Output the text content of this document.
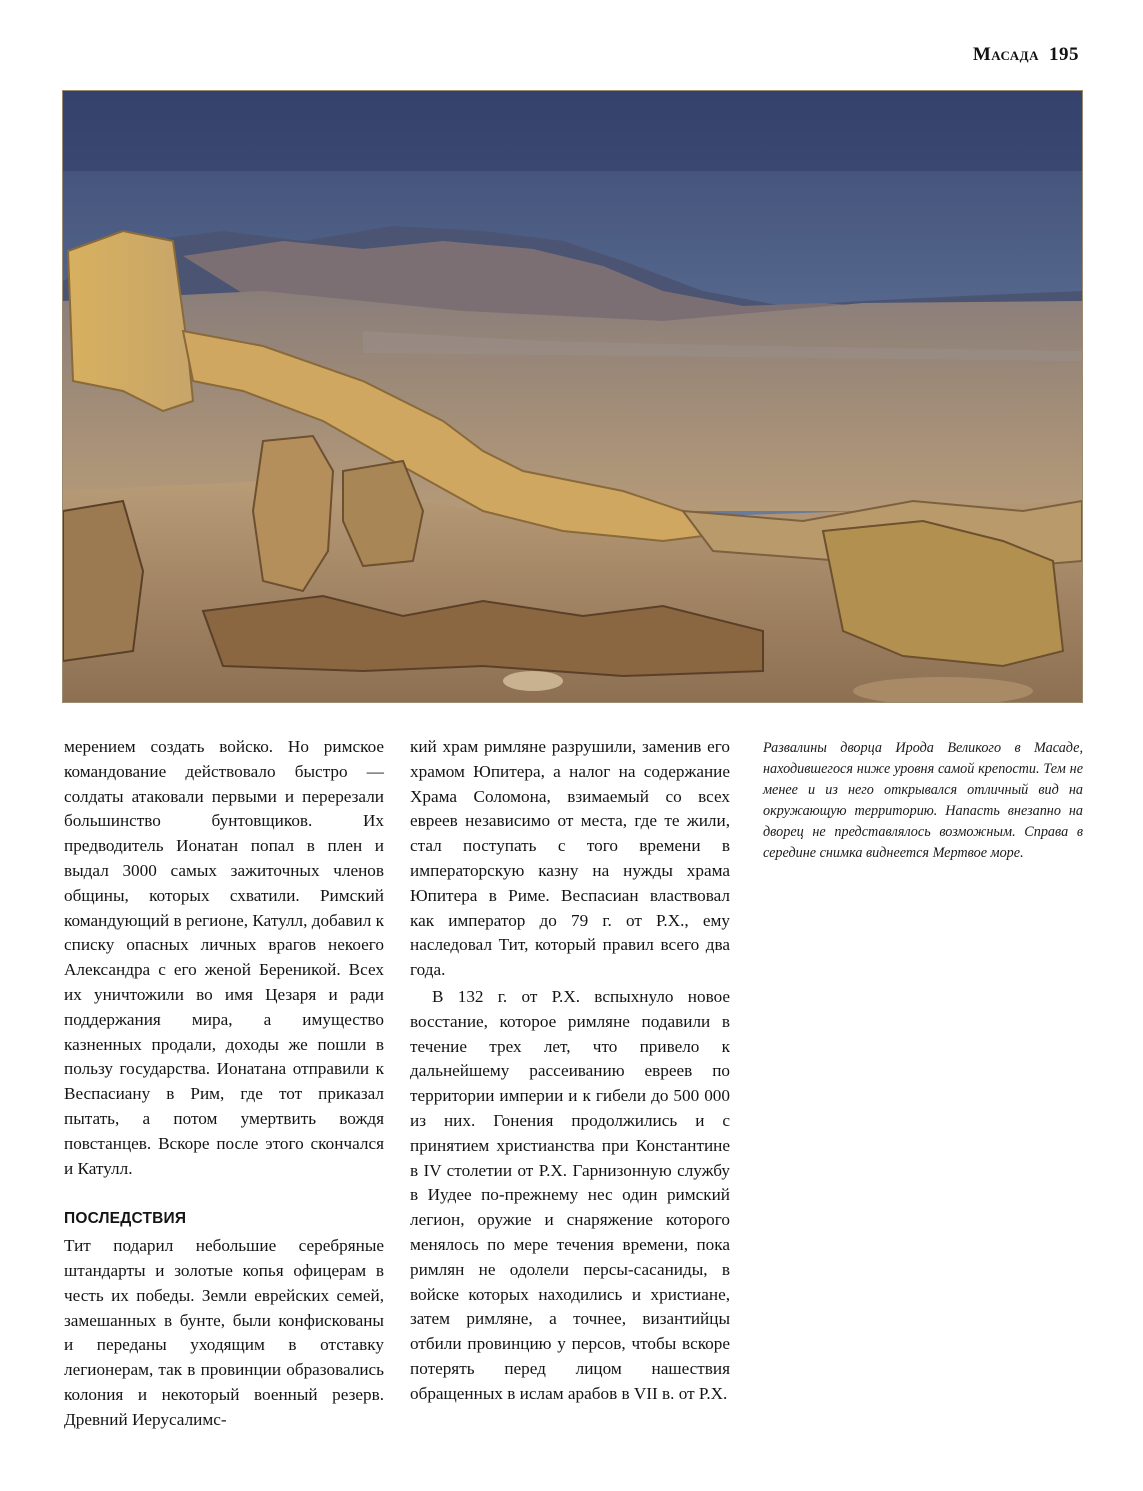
Масада 195

мерением создать войско. Но римское командование действовало быстро — солдаты атаковали первыми и перерезали большинство бунтовщиков. Их предводитель Ионатан попал в плен и выдал 3000 самых зажиточных членов общины, которых схватили. Римский командующий в регионе, Катулл, добавил к списку опасных личных врагов некоего Александра с его женой Береникой. Всех их уничтожили во имя Цезаря и ради поддержания мира, а имущество казненных продали, доходы же пошли в пользу государства. Ионатана отправили к Веспасиану в Рим, где тот приказал пытать, а потом умертвить вождя повстанцев. Вскоре после этого скончался и Катулл.

ПОСЛЕДСТВИЯ

Тит подарил небольшие серебряные штандарты и золотые копья офицерам в честь их победы. Земли еврейских семей, замешанных в бунте, были конфискованы и переданы уходящим в отставку легионерам, так в провинции образовались колония и некоторый военный резерв. Древний Иерусалимс-

кий храм римляне разрушили, заменив его храмом Юпитера, а налог на содержание Храма Соломона, взимаемый со всех евреев независимо от места, где те жили, стал поступать с того времени в императорскую казну на нужды храма Юпитера в Риме. Веспасиан властвовал как император до 79 г. от Р.Х., ему наследовал Тит, который правил всего два года.

В 132 г. от Р.Х. вспыхнуло новое восстание, которое римляне подавили в течение трех лет, что привело к дальнейшему рассеиванию евреев по территории империи и к гибели до 500 000 из них. Гонения продолжились и с принятием христианства при Константине в IV столетии от Р.Х. Гарнизонную службу в Иудее по-прежнему нес один римский легион, оружие и снаряжение которого менялось по мере течения времени, пока римлян не одолели персы-сасаниды, в войске которых находились и христиане, затем римляне, а точнее, византийцы отбили провинцию у персов, чтобы вскоре потерять перед лицом нашествия обращенных в ислам арабов в VII в. от Р.Х.

Развалины дворца Ирода Великого в Масаде, находившегося ниже уровня самой крепости. Тем не менее и из него открывался отличный вид на окружающую территорию. Напасть внезапно на дворец не представлялось возможным. Справа в середине снимка виднеется Мертвое море.
